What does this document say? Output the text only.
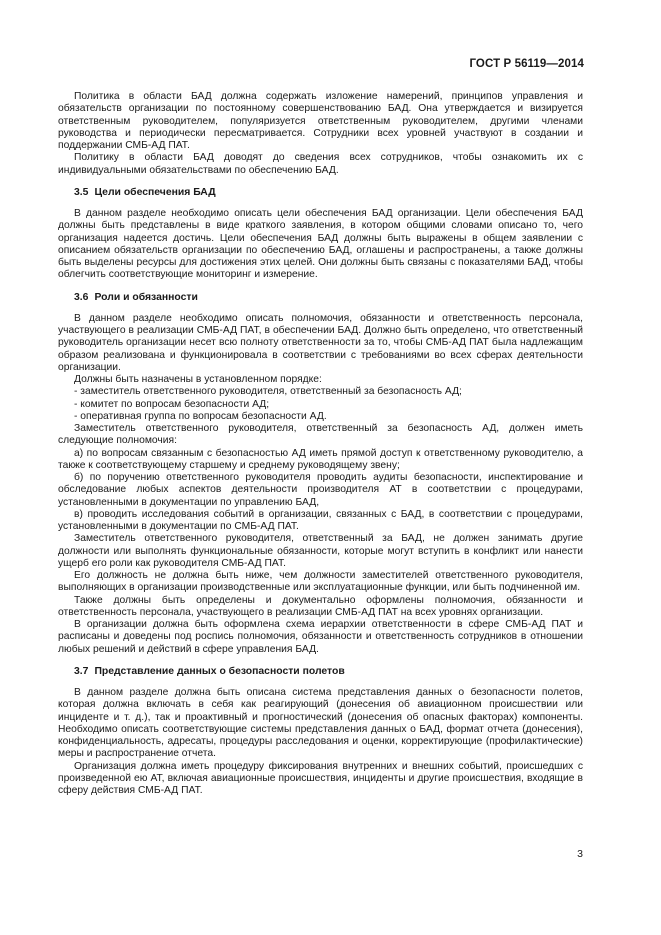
ГОСТ Р 56119—2014

Политика в области БАД должна содержать изложение намерений, принципов управления и обязательств организации по постоянному совершенствованию БАД. Она утверждается и визируется ответственным руководителем, популяризуется ответственным руководителем, другими членами руководства и периодически пересматривается. Сотрудники всех уровней участвуют в создании и поддержании СМБ-АД ПАТ.

Политику в области БАД доводят до сведения всех сотрудников, чтобы ознакомить их с индивидуальными обязательствами по обеспечению БАД.

3.5 Цели обеспечения БАД

В данном разделе необходимо описать цели обеспечения БАД организации. Цели обеспечения БАД должны быть представлены в виде краткого заявления, в котором общими словами описано то, чего организация надеется достичь. Цели обеспечения БАД должны быть выражены в общем заявлении с описанием обязательств организации по обеспечению БАД, оглашены и распространены, а также должны быть выделены ресурсы для достижения этих целей. Они должны быть связаны с показателями БАД, чтобы облегчить соответствующие мониторинг и измерение.

3.6 Роли и обязанности

В данном разделе необходимо описать полномочия, обязанности и ответственность персонала, участвующего в реализации СМБ-АД ПАТ, в обеспечении БАД. Должно быть определено, что ответственный руководитель организации несет всю полноту ответственности за то, чтобы СМБ-АД ПАТ была надлежащим образом реализована и функционировала в соответствии с требованиями во всех сферах деятельности организации.

Должны быть назначены в установленном порядке:

- заместитель ответственного руководителя, ответственный за безопасность АД;

- комитет по вопросам безопасности АД;

- оперативная группа по вопросам безопасности АД.

Заместитель ответственного руководителя, ответственный за безопасность АД, должен иметь следующие полномочия:

а) по вопросам связанным с безопасностью АД иметь прямой доступ к ответственному руководителю, а также к соответствующему старшему и среднему руководящему звену;

б) по поручению ответственного руководителя проводить аудиты безопасности, инспектирование и обследование любых аспектов деятельности производителя АТ в соответствии с процедурами, установленными в документации по управлению БАД,

в) проводить исследования событий в организации, связанных с БАД, в соответствии с процедурами, установленными в документации по СМБ-АД ПАТ.

Заместитель ответственного руководителя, ответственный за БАД, не должен занимать другие должности или выполнять функциональные обязанности, которые могут вступить в конфликт или нанести ущерб его роли как руководителя СМБ-АД ПАТ.

Его должность не должна быть ниже, чем должности заместителей ответственного руководителя, выполняющих в организации производственные или эксплуатационные функции, или быть подчиненной им.

Также должны быть определены и документально оформлены полномочия, обязанности и ответственность персонала, участвующего в реализации СМБ-АД ПАТ на всех уровнях организации.

В организации должна быть оформлена схема иерархии ответственности в сфере СМБ-АД ПАТ и расписаны и доведены под роспись полномочия, обязанности и ответственность сотрудников в отношении любых решений и действий в сфере управления БАД.

3.7 Представление данных о безопасности полетов

В данном разделе должна быть описана система представления данных о безопасности полетов, которая должна включать в себя как реагирующий (донесения об авиационном происшествии или инциденте и т. д.), так и проактивный и прогностический (донесения об опасных факторах) компоненты. Необходимо описать соответствующие системы представления данных о БАД, формат отчета (донесения), конфиденциальность, адресаты, процедуры расследования и оценки, корректирующие (профилактические) меры и распространение отчета.

Организация должна иметь процедуру фиксирования внутренних и внешних событий, происшедших с произведенной ею АТ, включая авиационные происшествия, инциденты и другие происшествия, входящие в сферу действия СМБ-АД ПАТ.

3
